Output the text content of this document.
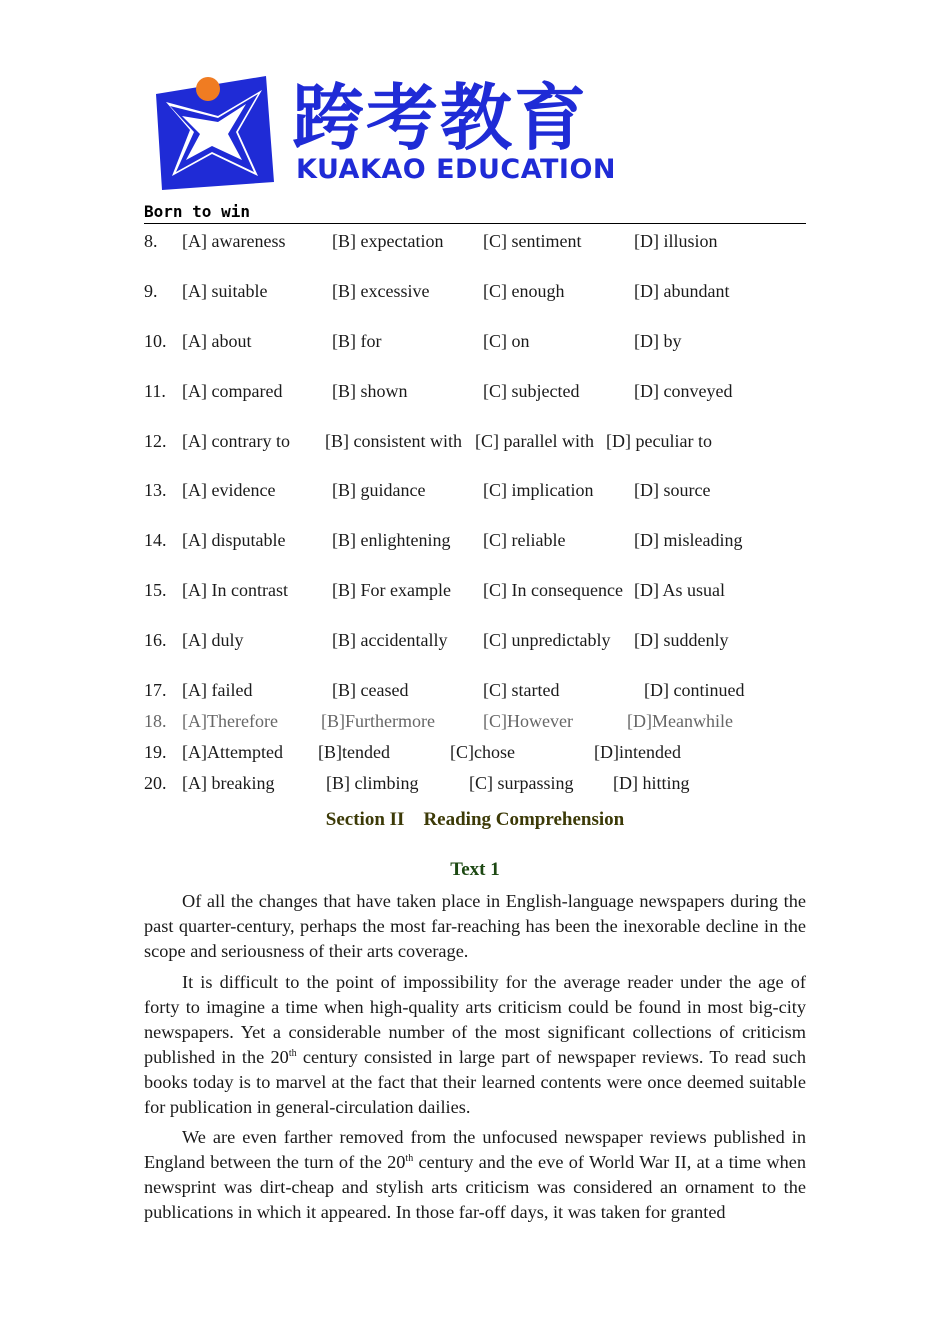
跨考教育
KUAKAO EDUCATION
Born to win
8. [A] awareness	[B] expectation [C] sentiment	[D] illusion
9. [A] suitable	[B] excessive	[C] enough	[D] abundant
10. [A] about	[B] for	[C] on	[D] by
11. [A] compared	[B] shown	[C] subjected	[D] conveyed
12. [A] contrary to [B] consistent with [C] parallel with [D] peculiar to
13. [A] evidence	[B] guidance	[C] implication [D] source
14. [A] disputable	[B] enlightening [C] reliable	[D] misleading
15. [A] In contrast [B] For example [C] In consequence [D] As usual
16. [A] duly	[B] accidentally [C] unpredictably [D] suddenly
17. [A] failed	[B] ceased	[C] started	[D] continued
18. [A]Therefore [B]Furthermore	[C]However	[D]Meanwhile
19. [A]Attempted [B]tended	[C]chose	[D]intended
20. [A] breaking	[B] climbing	[C] surpassing [D] hitting
Section II Reading Comprehension
Text 1

Of all the changes that have taken place in English-language newspapers during the past quarter-century, perhaps the most far-reaching has been the inexorable decline in the scope and seriousness of their arts coverage.

It is difficult to the point of impossibility for the average reader under the age of forty to imagine a time when high-quality arts criticism could be found in most big-city newspapers. Yet a considerable number of the most significant collections of criticism published in the 20th century consisted in large part of newspaper reviews. To read such books today is to marvel at the fact that their learned contents were once deemed suitable for publication in general-circulation dailies.

We are even farther removed from the unfocused newspaper reviews published in England between the turn of the 20th century and the eve of World War II, at a time when newsprint was dirt-cheap and stylish arts criticism was considered an ornament to the publications in which it appeared. In those far-off days, it was taken for granted
